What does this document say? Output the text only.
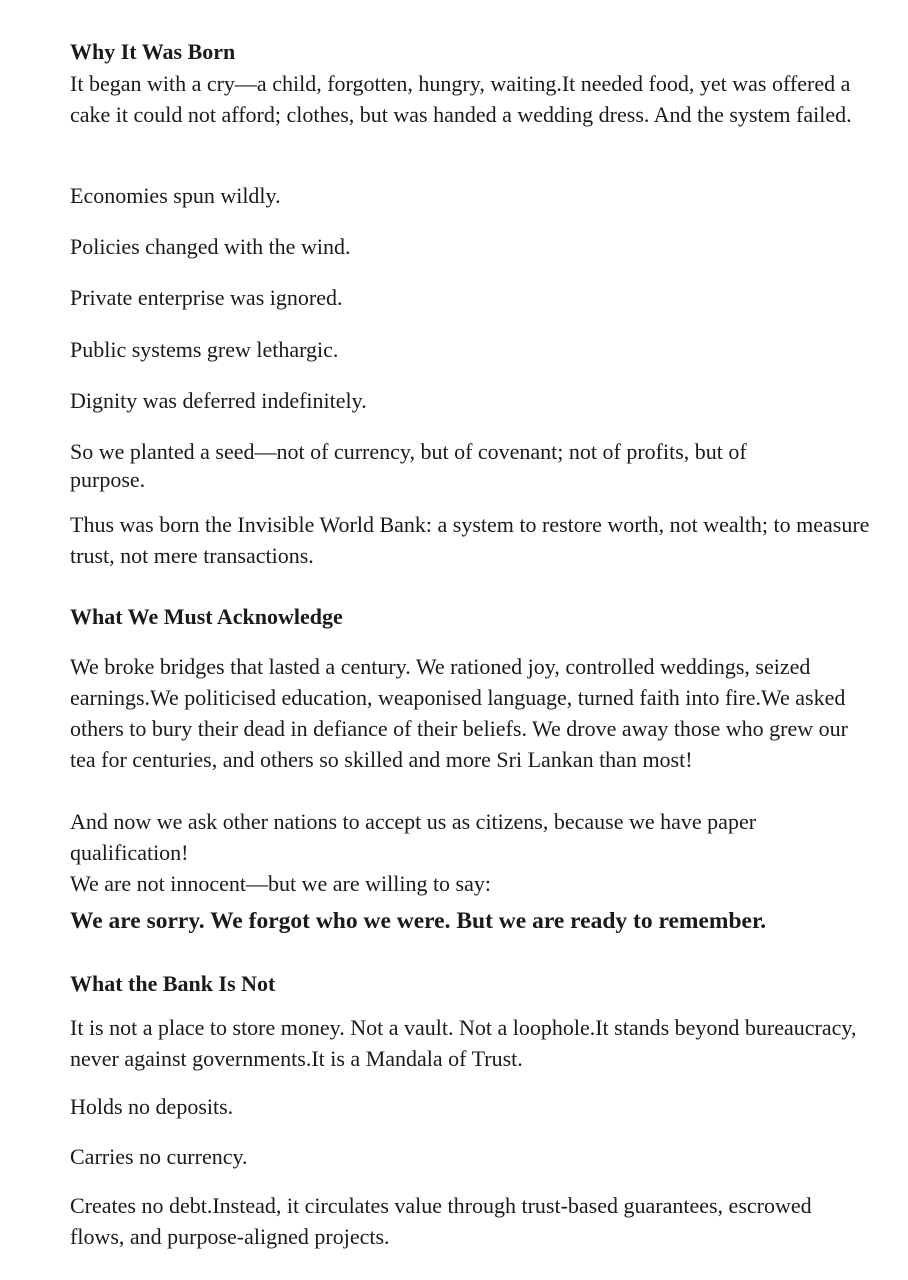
Why It Was Born
It began with a cry—a child, forgotten, hungry, waiting.It needed food, yet was offered a cake it could not afford; clothes, but was handed a wedding dress. And the system failed.
Economies spun wildly.
Policies changed with the wind.
Private enterprise was ignored.
Public systems grew lethargic.
Dignity was deferred indefinitely.
So we planted a seed—not of currency, but of covenant; not of profits, but of purpose.
Thus was born the Invisible World Bank: a system to restore worth, not wealth; to measure trust, not mere transactions.
What We Must Acknowledge
We broke bridges that lasted a century. We rationed joy, controlled weddings, seized earnings.We politicised education, weaponised language, turned faith into fire.We asked others to bury their dead in defiance of their beliefs. We drove away those who grew our tea for centuries, and others so skilled and more Sri Lankan than most!
And now we ask other nations to accept us as citizens, because we have paper qualification!
We are not innocent—but we are willing to say:
We are sorry. We forgot who we were. But we are ready to remember.
What the Bank Is Not
It is not a place to store money. Not a vault. Not a loophole.It stands beyond bureaucracy, never against governments.It is a Mandala of Trust.
Holds no deposits.
Carries no currency.
Creates no debt.Instead, it circulates value through trust-based guarantees, escrowed flows, and purpose-aligned projects.
